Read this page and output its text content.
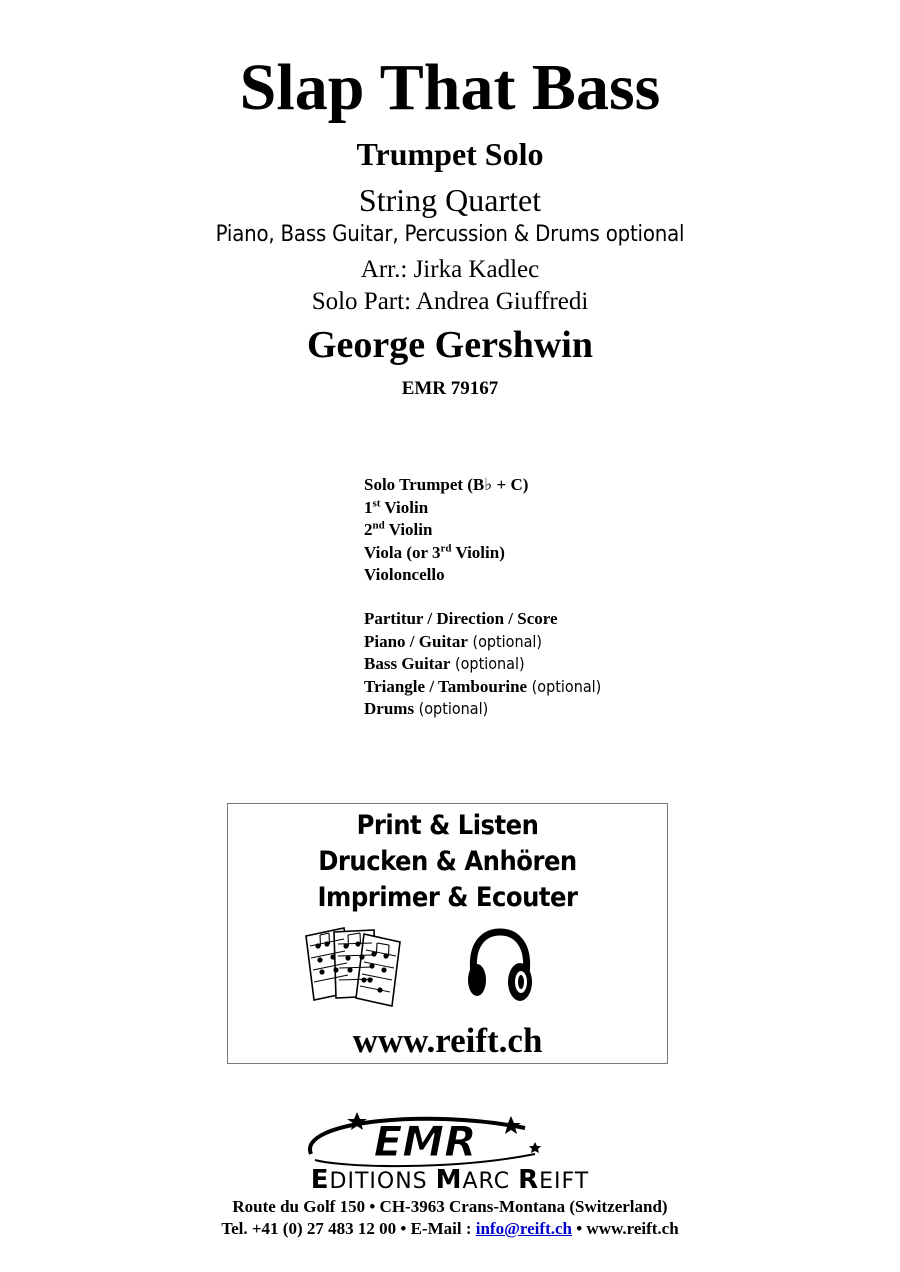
Slap That Bass
Trumpet Solo
String Quartet
Piano, Bass Guitar, Percussion & Drums optional
Arr.: Jirka Kadlec
Solo Part: Andrea Giuffredi
George Gershwin
EMR 79167
Solo Trumpet (B♭ + C)
1st Violin
2nd Violin
Viola (or 3rd Violin)
Violoncello
Partitur / Direction / Score
Piano / Guitar (optional)
Bass Guitar (optional)
Triangle / Tambourine (optional)
Drums (optional)
Print & Listen
Drucken & Anhören
Imprimer & Ecouter
www.reift.ch
EMR
EDITIONS MARC REIFT
Route du Golf 150 • CH-3963 Crans-Montana (Switzerland)
Tel. +41 (0) 27 483 12 00 • E-Mail : info@reift.ch • www.reift.ch
